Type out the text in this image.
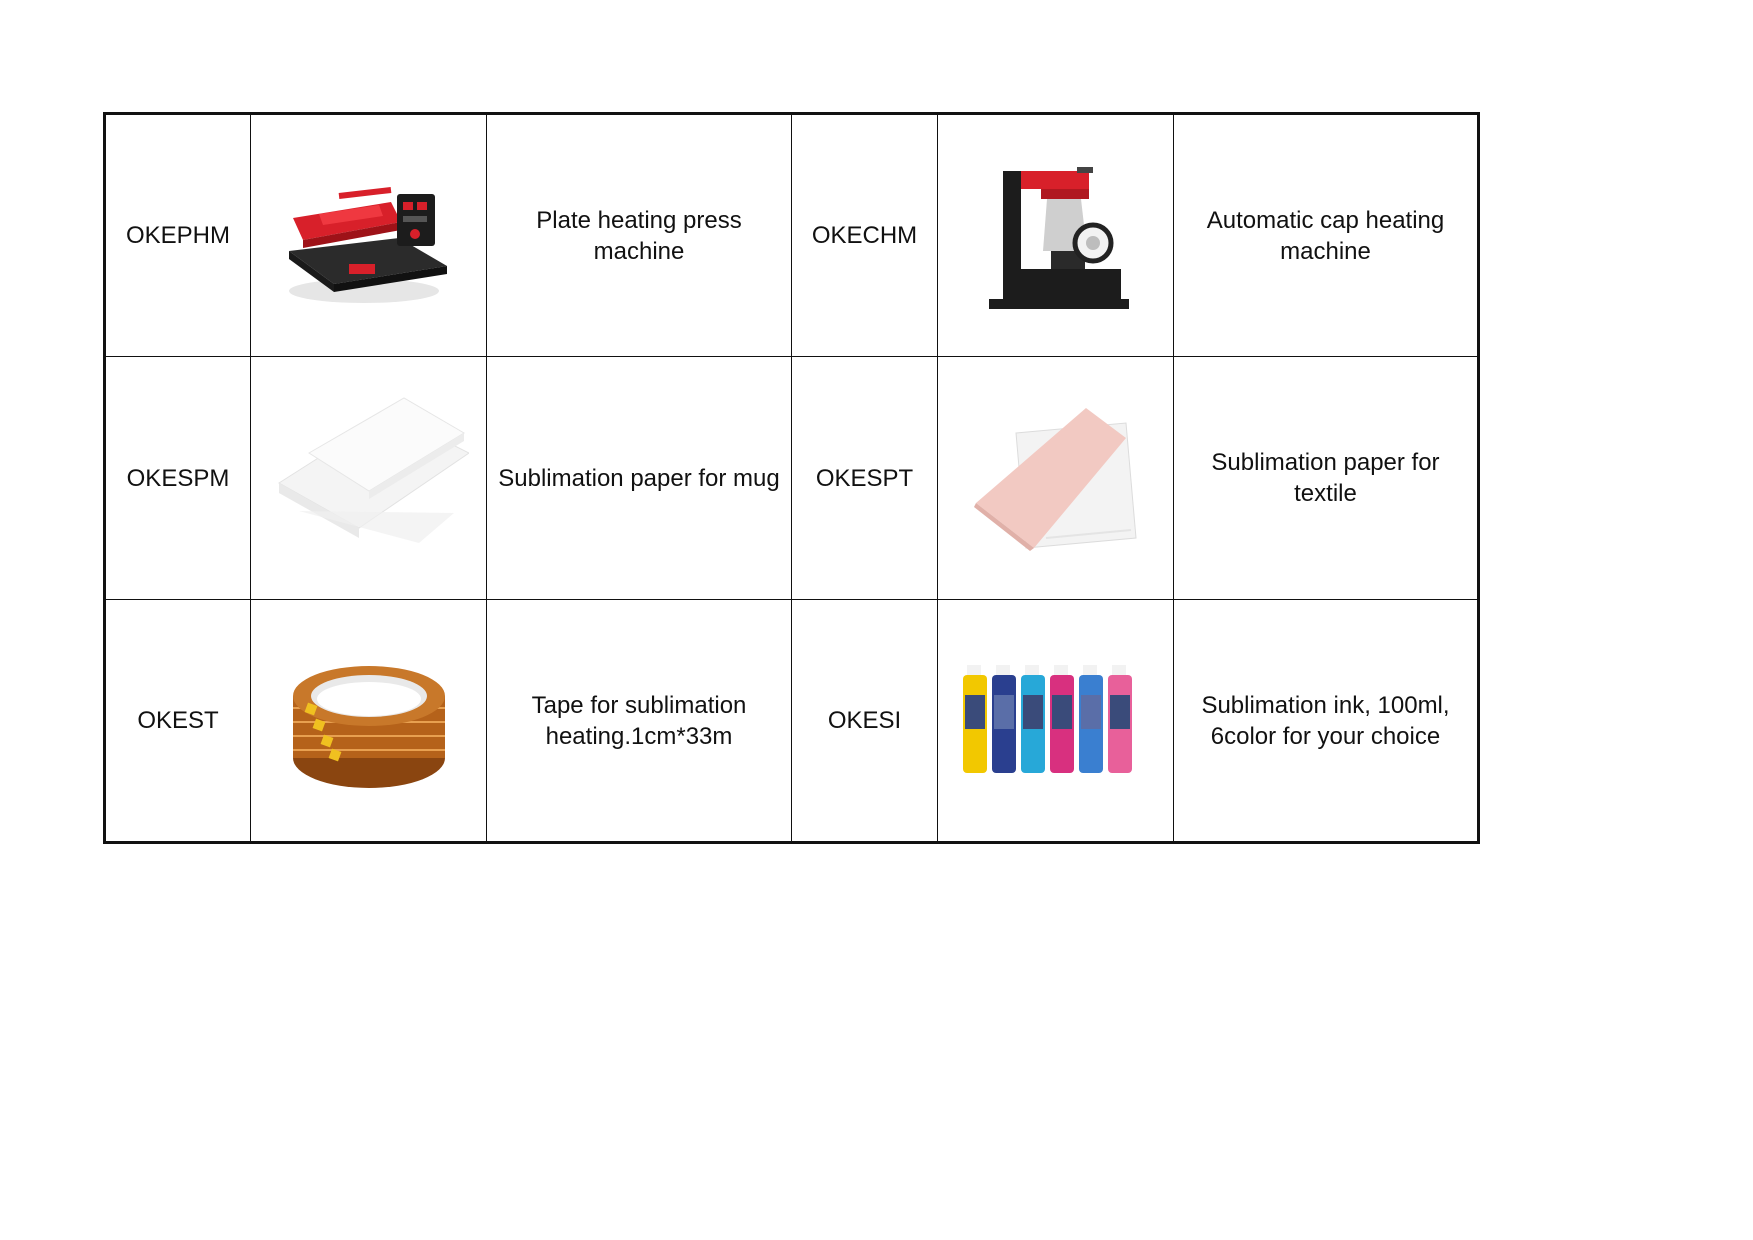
OKEPHM		Plate heating press machine	OKECHM		Automatic cap heating machine
OKESPM		Sublimation paper for mug	OKESPT		Sublimation paper for textile
OKEST		Tape for sublimation heating.1cm*33m	OKESI		Sublimation ink, 100ml, 6color for your choice
